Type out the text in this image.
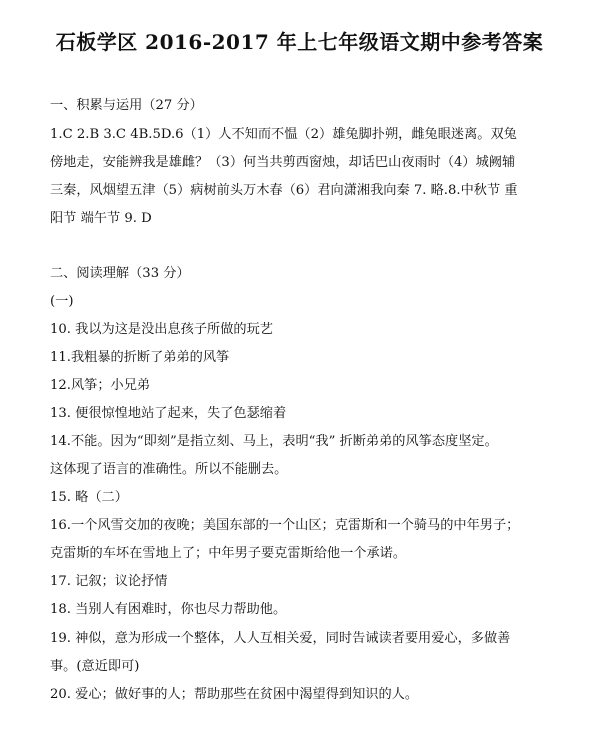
石板学区 2016-2017 年上七年级语文期中参考答案
一、积累与运用（27 分）
1.C 2.B 3.C 4B.5D.6（1）人不知而不愠（2）雄兔脚扑朔，雌兔眼迷离。双兔
傍地走，安能辨我是雄雌？（3）何当共剪西窗烛，却话巴山夜雨时（4）城阙辅
三秦，风烟望五津（5）病树前头万木春（6）君向潇湘我向秦 7. 略.8.中秋节 重
阳节 端午节 9. D
二、阅读理解（33 分）
(一)
10. 我以为这是没出息孩子所做的玩艺
11.我粗暴的折断了弟弟的风筝
12.风筝；小兄弟
13. 便很惊惶地站了起来，失了色瑟缩着
14.不能。因为“即刻”是指立刻、马上，表明“我” 折断弟弟的风筝态度坚定。
这体现了语言的准确性。所以不能删去。
15. 略（二）
16.一个风雪交加的夜晚；美国东部的一个山区；克雷斯和一个骑马的中年男子；
克雷斯的车坏在雪地上了；中年男子要克雷斯给他一个承诺。
17. 记叙；议论抒情
18. 当别人有困难时，你也尽力帮助他。
19. 神似，意为形成一个整体，人人互相关爱，同时告诫读者要用爱心，多做善
事。(意近即可)
20. 爱心；做好事的人；帮助那些在贫困中渴望得到知识的人。
